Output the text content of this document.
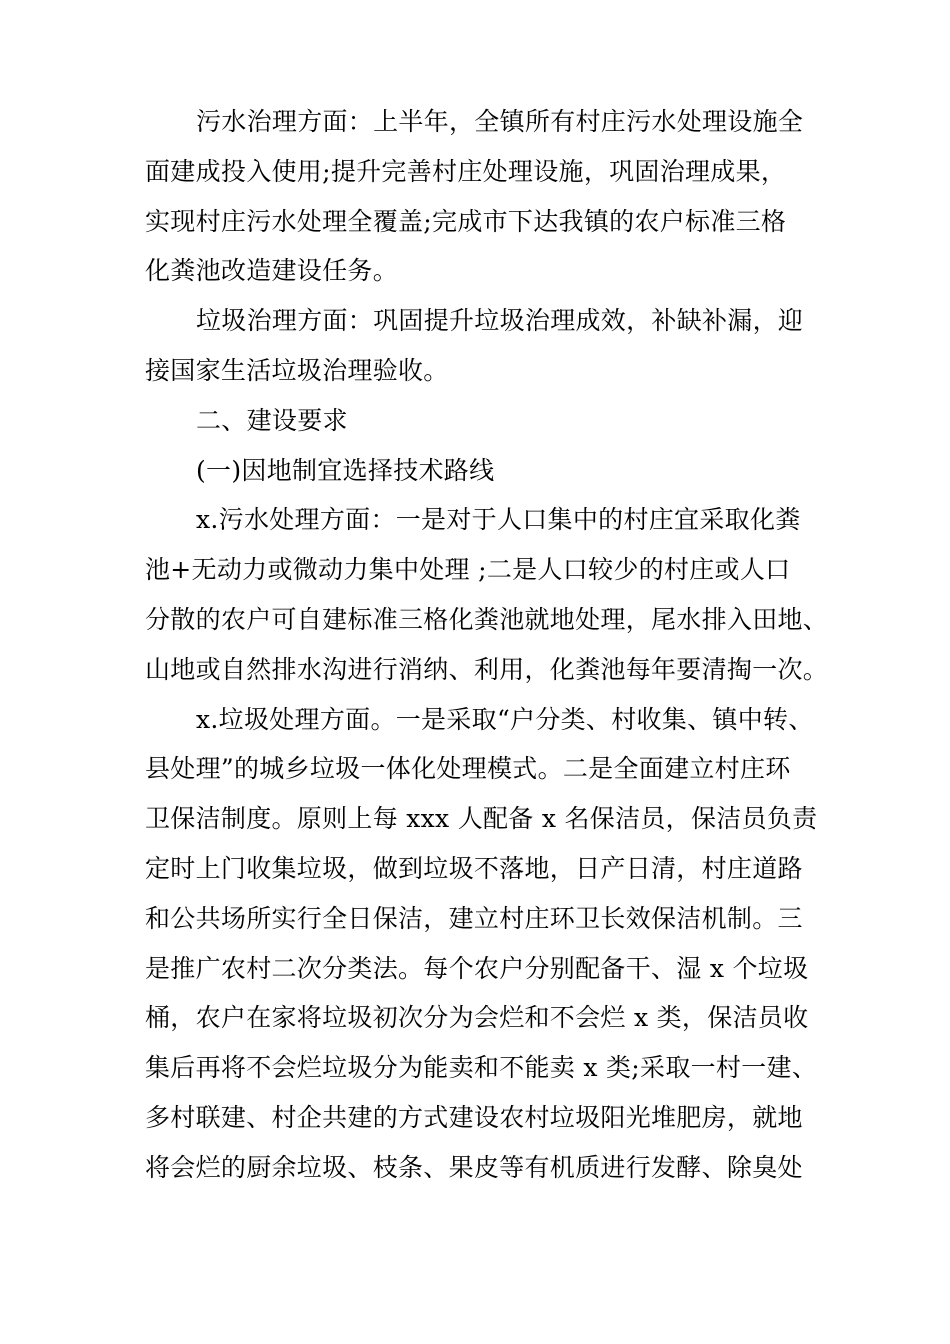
污水治理方面：上半年，全镇所有村庄污水处理设施全
面建成投入使用;提升完善村庄处理设施，巩固治理成果，
实现村庄污水处理全覆盖;完成市下达我镇的农户标准三格
化粪池改造建设任务。
垃圾治理方面：巩固提升垃圾治理成效，补缺补漏，迎
接国家生活垃圾治理验收。
二、建设要求
(一)因地制宜选择技术路线
x.污水处理方面：一是对于人口集中的村庄宜采取化粪
池+无动力或微动力集中处理 ;二是人口较少的村庄或人口
分散的农户可自建标准三格化粪池就地处理，尾水排入田地、
山地或自然排水沟进行消纳、利用，化粪池每年要清掏一次。
x.垃圾处理方面。一是采取“户分类、村收集、镇中转、
县处理”的城乡垃圾一体化处理模式。二是全面建立村庄环
卫保洁制度。原则上每 xxx 人配备 x 名保洁员，保洁员负责
定时上门收集垃圾，做到垃圾不落地，日产日清，村庄道路
和公共场所实行全日保洁，建立村庄环卫长效保洁机制。三
是推广农村二次分类法。每个农户分别配备干、湿 x 个垃圾
桶，农户在家将垃圾初次分为会烂和不会烂 x 类，保洁员收
集后再将不会烂垃圾分为能卖和不能卖 x 类;采取一村一建、
多村联建、村企共建的方式建设农村垃圾阳光堆肥房，就地
将会烂的厨余垃圾、枝条、果皮等有机质进行发酵、除臭处
